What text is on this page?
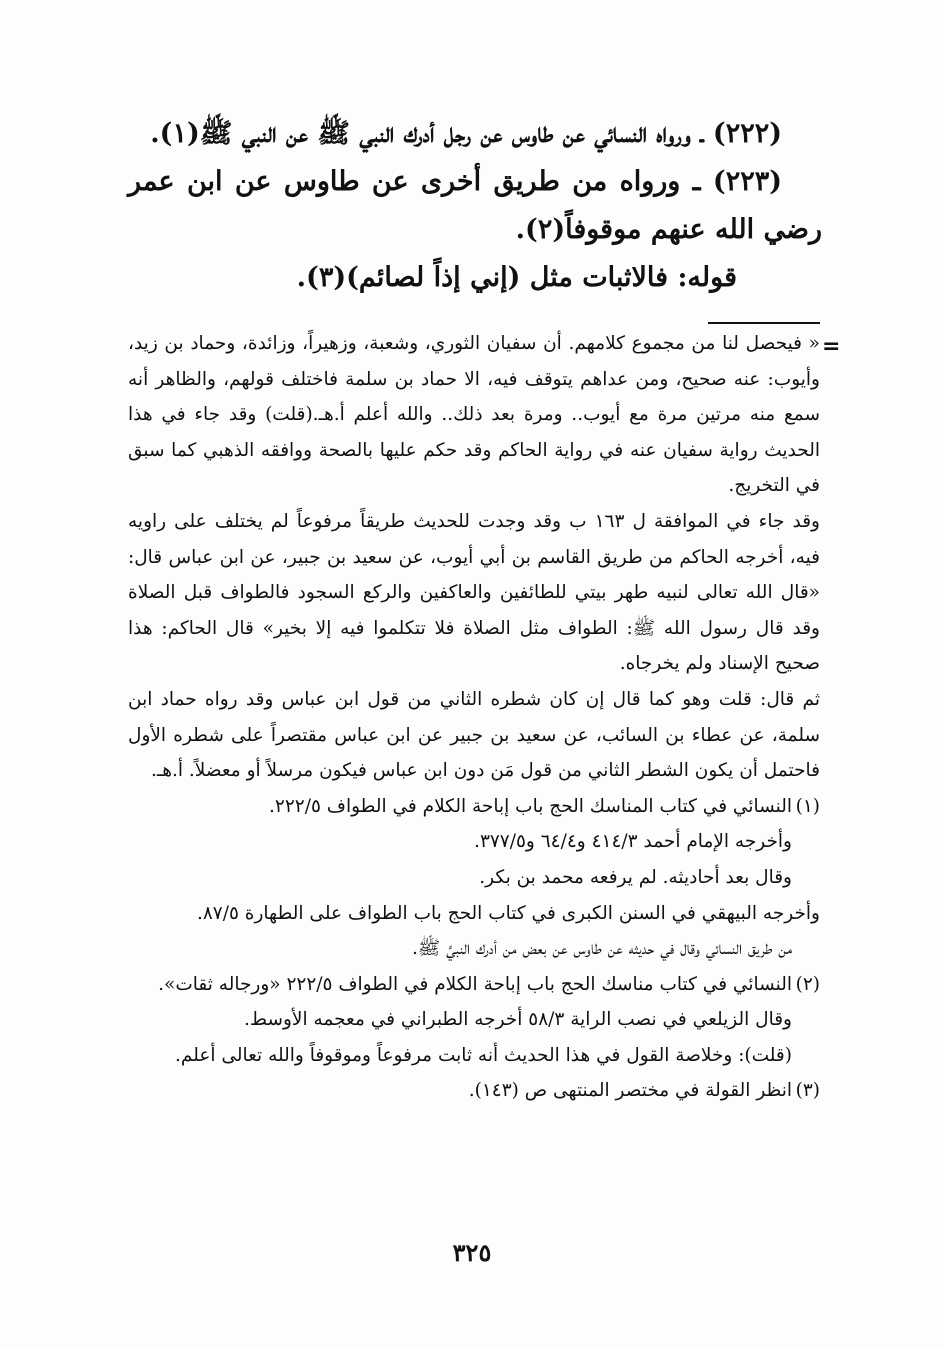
(٢٢٢) ـ ورواه النسائي عن طاوس عن رجل أدرك النبي ﷺ عن النبي ﷺ(١).

(٢٢٣) ـ ورواه من طريق أخرى عن طاوس عن ابن عمر رضي الله عنهم موقوفاً(٢).

قوله: فالاثبات مثل (إني إذاً لصائم)(٣).

=

« فيحصل لنا من مجموع كلامهم. أن سفيان الثوري، وشعبة، وزهيراً، وزائدة، وحماد بن زيد، وأيوب: عنه صحيح، ومن عداهم يتوقف فيه، الا حماد بن سلمة فاختلف قولهم، والظاهر أنه سمع منه مرتين مرة مع أيوب.. ومرة بعد ذلك.. والله أعلم أ.هـ.(قلت) وقد جاء في هذا الحديث رواية سفيان عنه في رواية الحاكم وقد حكم عليها بالصحة ووافقه الذهبي كما سبق في التخريج.

وقد جاء في الموافقة ل ١٦٣ ب وقد وجدت للحديث طريقاً مرفوعاً لم يختلف على راويه فيه، أخرجه الحاكم من طريق القاسم بن أبي أيوب، عن سعيد بن جبير، عن ابن عباس قال: «قال الله تعالى لنبيه طهر بيتي للطائفين والعاكفين والركع السجود فالطواف قبل الصلاة وقد قال رسول الله ﷺ: الطواف مثل الصلاة فلا تتكلموا فيه إلا بخير» قال الحاكم: هذا صحيح الإسناد ولم يخرجاه.

ثم قال: قلت وهو كما قال إن كان شطره الثاني من قول ابن عباس وقد رواه حماد ابن سلمة، عن عطاء بن السائب، عن سعيد بن جبير عن ابن عباس مقتصراً على شطره الأول فاحتمل أن يكون الشطر الثاني من قول مَن دون ابن عباس فيكون مرسلاً أو معضلاً. أ.هـ.

(١)النسائي في كتاب المناسك الحج باب إباحة الكلام في الطواف ٢٢٢/٥.

وأخرجه الإمام أحمد ٤١٤/٣ و٦٤/٤ و٣٧٧/٥.

وقال بعد أحاديثه. لم يرفعه محمد بن بكر.

وأخرجه البيهقي في السنن الكبرى في كتاب الحج باب الطواف على الطهارة ٨٧/٥.

من طريق النسائي وقال في حديثه عن طاوس عن بعض من أدرك النبيَّ ﷺ.

(٢)النسائي في كتاب مناسك الحج باب إباحة الكلام في الطواف ٢٢٢/٥ «ورجاله ثقات».

وقال الزيلعي في نصب الراية ٥٨/٣ أخرجه الطبراني في معجمه الأوسط.

(قلت): وخلاصة القول في هذا الحديث أنه ثابت مرفوعاً وموقوفاً والله تعالى أعلم.

(٣)انظر القولة في مختصر المنتهى ص (١٤٣).

٣٢٥
